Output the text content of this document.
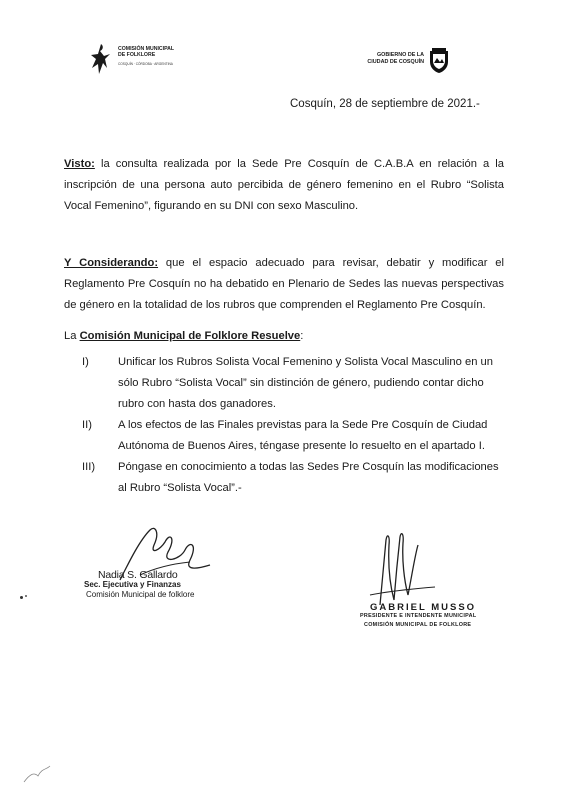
COMISIÓN MUNICIPAL
DE FOLKLORE
COSQUÍN · CÓRDOBA · ARGENTINA
GOBIERNO DE LA
CIUDAD DE COSQUÍN
Cosquín, 28 de septiembre de 2021.-
Visto: la consulta realizada por la Sede Pre Cosquín de C.A.B.A en relación a la inscripción de una persona auto percibida de género femenino en el Rubro “Solista Vocal Femenino”, figurando en su DNI con sexo Masculino.
Y Considerando: que el espacio adecuado para revisar, debatir y modificar el Reglamento Pre Cosquín no ha debatido en Plenario de Sedes las nuevas perspectivas de género en la totalidad de los rubros que comprenden el Reglamento Pre Cosquín.
La Comisión Municipal de Folklore Resuelve:
I)	Unificar los Rubros Solista Vocal Femenino y Solista Vocal Masculino en un sólo Rubro “Solista Vocal” sin distinción de género, pudiendo contar dicho rubro con hasta dos ganadores.
II)	A los efectos de las Finales previstas para la Sede Pre Cosquín de Ciudad Autónoma de Buenos Aires, téngase presente lo resuelto en el apartado I.
III)	Póngase en conocimiento a todas las Sedes Pre Cosquín las modificaciones al Rubro “Solista Vocal”.-
Nadia S. Gallardo
Sec. Ejecutiva y Finanzas
Comisión Municipal de folklore
GABRIEL MUSSO
PRESIDENTE E INTENDENTE MUNICIPAL
COMISIÓN MUNICIPAL DE FOLKLORE
